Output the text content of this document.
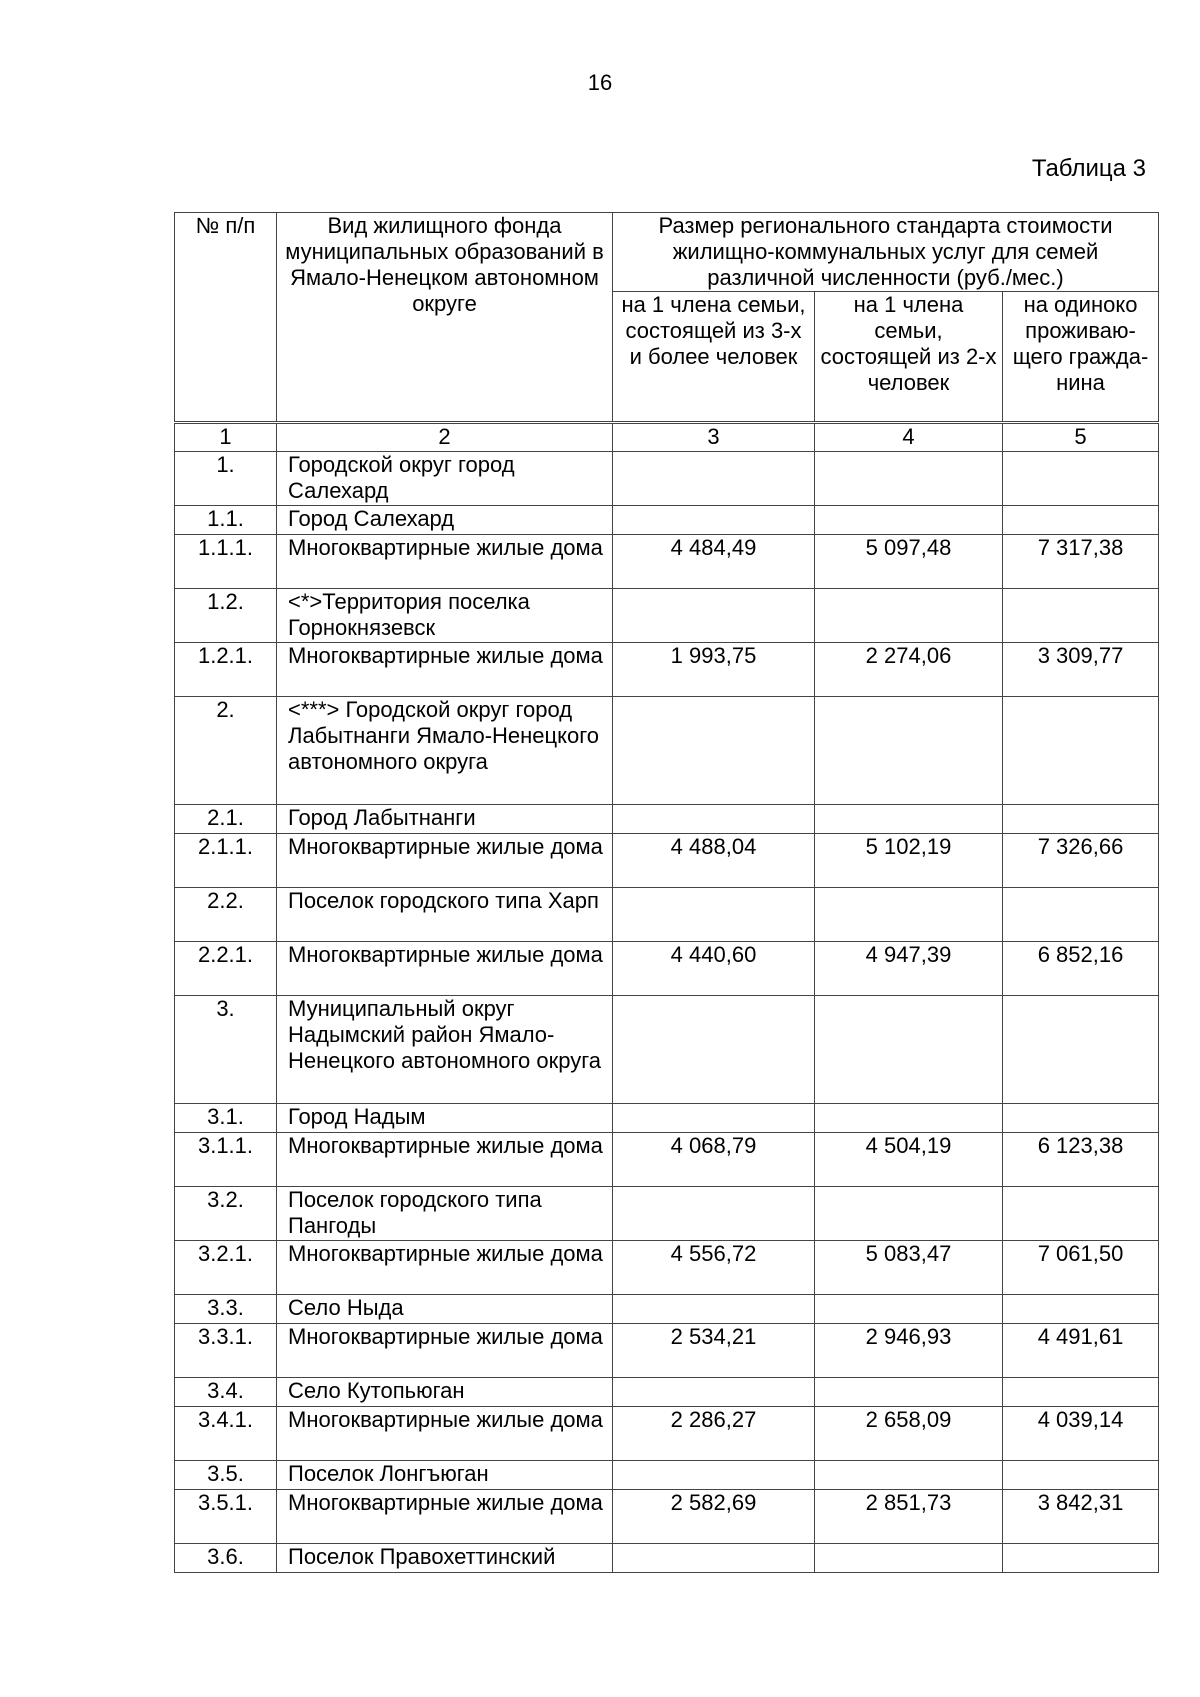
16
Таблица 3
№ п/п	Вид жилищного фонда муниципальных образований в Ямало-Ненецком автономном округе	Размер регионального стандарта стоимости жилищно-коммунальных услуг для семей различной численности (руб./мес.)		
		на 1 члена семьи, состоящей из 3-х и более человек	на 1 члена семьи, состоящей из 2-х человек	на одиноко проживаю-щего гражда-нина
1	2	3	4	5
1.	Городской округ город Салехард			
1.1.	Город Салехард			
1.1.1.	Многоквартирные жилые дома	4 484,49	5 097,48	7 317,38
1.2.	<*>Территория поселка Горнокнязевск			
1.2.1.	Многоквартирные жилые дома	1 993,75	2 274,06	3 309,77
2.	<***> Городской округ город Лабытнанги Ямало-Ненецкого автономного округа			
2.1.	Город Лабытнанги			
2.1.1.	Многоквартирные жилые дома	4 488,04	5 102,19	7 326,66
2.2.	Поселок городского типа Харп			
2.2.1.	Многоквартирные жилые дома	4 440,60	4 947,39	6 852,16
3.	Муниципальный округ Надымский район Ямало-Ненецкого автономного округа			
3.1.	Город Надым			
3.1.1.	Многоквартирные жилые дома	4 068,79	4 504,19	6 123,38
3.2.	Поселок городского типа Пангоды			
3.2.1.	Многоквартирные жилые дома	4 556,72	5 083,47	7 061,50
3.3.	Село Ныда			
3.3.1.	Многоквартирные жилые дома	2 534,21	2 946,93	4 491,61
3.4.	Село Кутопьюган			
3.4.1.	Многоквартирные жилые дома	2 286,27	2 658,09	4 039,14
3.5.	Поселок Лонгъюган			
3.5.1.	Многоквартирные жилые дома	2 582,69	2 851,73	3 842,31
3.6.	Поселок Правохеттинский			
